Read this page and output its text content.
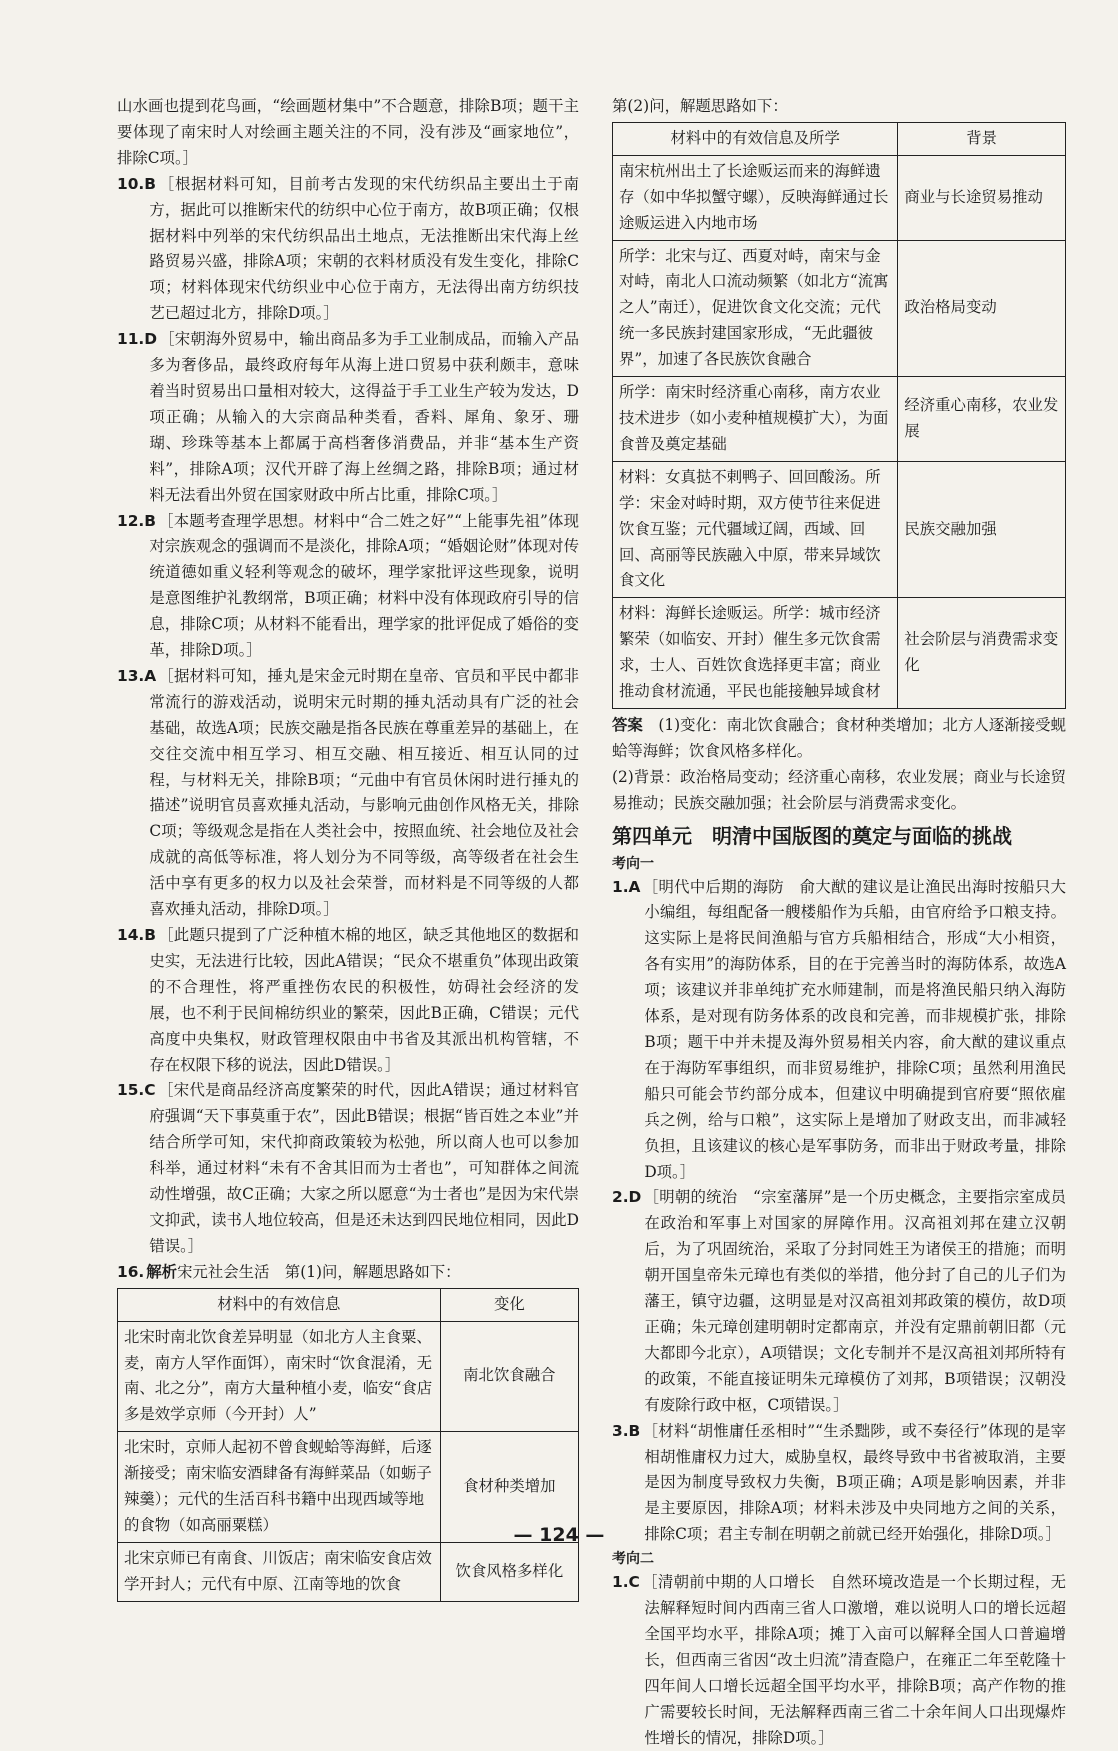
山水画也提到花鸟画，“绘画题材集中”不合题意，排除B项；题干主要体现了南宋时人对绘画主题关注的不同，没有涉及“画家地位”，排除C项。］

10.B ［根据材料可知，目前考古发现的宋代纺织品主要出土于南方，据此可以推断宋代的纺织中心位于南方，故B项正确；仅根据材料中列举的宋代纺织品出土地点，无法推断出宋代海上丝路贸易兴盛，排除A项；宋朝的衣料材质没有发生变化，排除C项；材料体现宋代纺织业中心位于南方，无法得出南方纺织技艺已超过北方，排除D项。］

11.D ［宋朝海外贸易中，输出商品多为手工业制成品，而输入产品多为奢侈品，最终政府每年从海上进口贸易中获利颇丰，意味着当时贸易出口量相对较大，这得益于手工业生产较为发达，D项正确；从输入的大宗商品种类看，香料、犀角、象牙、珊瑚、珍珠等基本上都属于高档奢侈消费品，并非“基本生产资料”，排除A项；汉代开辟了海上丝绸之路，排除B项；通过材料无法看出外贸在国家财政中所占比重，排除C项。］

12.B ［本题考查理学思想。材料中“合二姓之好”“上能事先祖”体现对宗族观念的强调而不是淡化，排除A项；“婚姻论财”体现对传统道德如重义轻利等观念的破坏，理学家批评这些现象，说明是意图维护礼教纲常，B项正确；材料中没有体现政府引导的信息，排除C项；从材料不能看出，理学家的批评促成了婚俗的变革，排除D项。］

13.A ［据材料可知，捶丸是宋金元时期在皇帝、官员和平民中都非常流行的游戏活动，说明宋元时期的捶丸活动具有广泛的社会基础，故选A项；民族交融是指各民族在尊重差异的基础上，在交往交流中相互学习、相互交融、相互接近、相互认同的过程，与材料无关，排除B项；“元曲中有官员休闲时进行捶丸的描述”说明官员喜欢捶丸活动，与影响元曲创作风格无关，排除C项；等级观念是指在人类社会中，按照血统、社会地位及社会成就的高低等标准，将人划分为不同等级，高等级者在社会生活中享有更多的权力以及社会荣誉，而材料是不同等级的人都喜欢捶丸活动，排除D项。］

14.B ［此题只提到了广泛种植木棉的地区，缺乏其他地区的数据和史实，无法进行比较，因此A错误；“民众不堪重负”体现出政策的不合理性，将严重挫伤农民的积极性，妨碍社会经济的发展，也不利于民间棉纺织业的繁荣，因此B正确，C错误；元代高度中央集权，财政管理权限由中书省及其派出机构管辖，不存在权限下移的说法，因此D错误。］

15.C ［宋代是商品经济高度繁荣的时代，因此A错误；通过材料官府强调“天下事莫重于农”，因此B错误；根据“皆百姓之本业”并结合所学可知，宋代抑商政策较为松弛，所以商人也可以参加科举，通过材料“未有不舍其旧而为士者也”，可知群体之间流动性增强，故C正确；大家之所以愿意“为士者也”是因为宋代崇文抑武，读书人地位较高，但是还未达到四民地位相同，因此D错误。］

16. 解析宋元社会生活　第(1)问，解题思路如下：

材料中的有效信息	变化
北宋时南北饮食差异明显（如北方人主食粟、麦，南方人罕作面饵），南宋时“饮食混淆，无南、北之分”，南方大量种植小麦，临安“食店多是效学京师（今开封）人”	南北饮食融合
北宋时，京师人起初不曾食蚬蛤等海鲜，后逐渐接受；南宋临安酒肆备有海鲜菜品（如蛎子辣羹）；元代的生活百科书籍中出现西域等地的食物（如高丽粟糕）	食材种类增加
北宋京师已有南食、川饭店；南宋临安食店效学开封人；元代有中原、江南等地的饮食	饮食风格多样化

第(2)问，解题思路如下：

材料中的有效信息及所学	背景
南宋杭州出土了长途贩运而来的海鲜遗存（如中华拟蟹守螺），反映海鲜通过长途贩运进入内地市场	商业与长途贸易推动
所学：北宋与辽、西夏对峙，南宋与金对峙，南北人口流动频繁（如北方“流寓之人”南迁），促进饮食文化交流；元代统一多民族封建国家形成，“无此疆彼界”，加速了各民族饮食融合	政治格局变动
所学：南宋时经济重心南移，南方农业技术进步（如小麦种植规模扩大），为面食普及奠定基础	经济重心南移，农业发展
材料：女真挞不剌鸭子、回回酸汤。所学：宋金对峙时期，双方使节往来促进饮食互鉴；元代疆域辽阔，西域、回回、高丽等民族融入中原，带来异域饮食文化	民族交融加强
材料：海鲜长途贩运。所学：城市经济繁荣（如临安、开封）催生多元饮食需求，士人、百姓饮食选择更丰富；商业推动食材流通，平民也能接触异域食材	社会阶层与消费需求变化

答案　 (1)变化：南北饮食融合；食材种类增加；北方人逐渐接受蚬蛤等海鲜；饮食风格多样化。

(2)背景：政治格局变动；经济重心南移，农业发展；商业与长途贸易推动；民族交融加强；社会阶层与消费需求变化。

第四单元　明清中国版图的奠定与面临的挑战
考向一

1.A ［明代中后期的海防　俞大猷的建议是让渔民出海时按船只大小编组，每组配备一艘楼船作为兵船，由官府给予口粮支持。这实际上是将民间渔船与官方兵船相结合，形成“大小相资，各有实用”的海防体系，目的在于完善当时的海防体系，故选A项；该建议并非单纯扩充水师建制，而是将渔民船只纳入海防体系，是对现有防务体系的改良和完善，而非规模扩张，排除B项；题干中并未提及海外贸易相关内容，俞大猷的建议重点在于海防军事组织，而非贸易维护，排除C项；虽然利用渔民船只可能会节约部分成本，但建议中明确提到官府要“照依雇兵之例，给与口粮”，这实际上是增加了财政支出，而非减轻负担，且该建议的核心是军事防务，而非出于财政考量，排除D项。］

2.D ［明朝的统治　“宗室藩屏”是一个历史概念，主要指宗室成员在政治和军事上对国家的屏障作用。汉高祖刘邦在建立汉朝后，为了巩固统治，采取了分封同姓王为诸侯王的措施；而明朝开国皇帝朱元璋也有类似的举措，他分封了自己的儿子们为藩王，镇守边疆，这明显是对汉高祖刘邦政策的模仿，故D项正确；朱元璋创建明朝时定都南京，并没有定鼎前朝旧都（元大都即今北京），A项错误；文化专制并不是汉高祖刘邦所特有的政策，不能直接证明朱元璋模仿了刘邦，B项错误；汉朝没有废除行政中枢，C项错误。］

3.B ［材料“胡惟庸任丞相时”“生杀黜陟，或不奏径行”体现的是宰相胡惟庸权力过大，威胁皇权，最终导致中书省被取消，主要是因为制度导致权力失衡，B项正确；A项是影响因素，并非是主要原因，排除A项；材料未涉及中央同地方之间的关系，排除C项；君主专制在明朝之前就已经开始强化，排除D项。］

考向二

1.C ［清朝前中期的人口增长　自然环境改造是一个长期过程，无法解释短时间内西南三省人口激增，难以说明人口的增长远超全国平均水平，排除A项；摊丁入亩可以解释全国人口普遍增长，但西南三省因“改土归流”清查隐户，在雍正二年至乾隆十四年间人口增长远超全国平均水平，排除B项；高产作物的推广需要较长时间，无法解释西南三省二十余年间人口出现爆炸性增长的情况，排除D项。］

— 124 —
